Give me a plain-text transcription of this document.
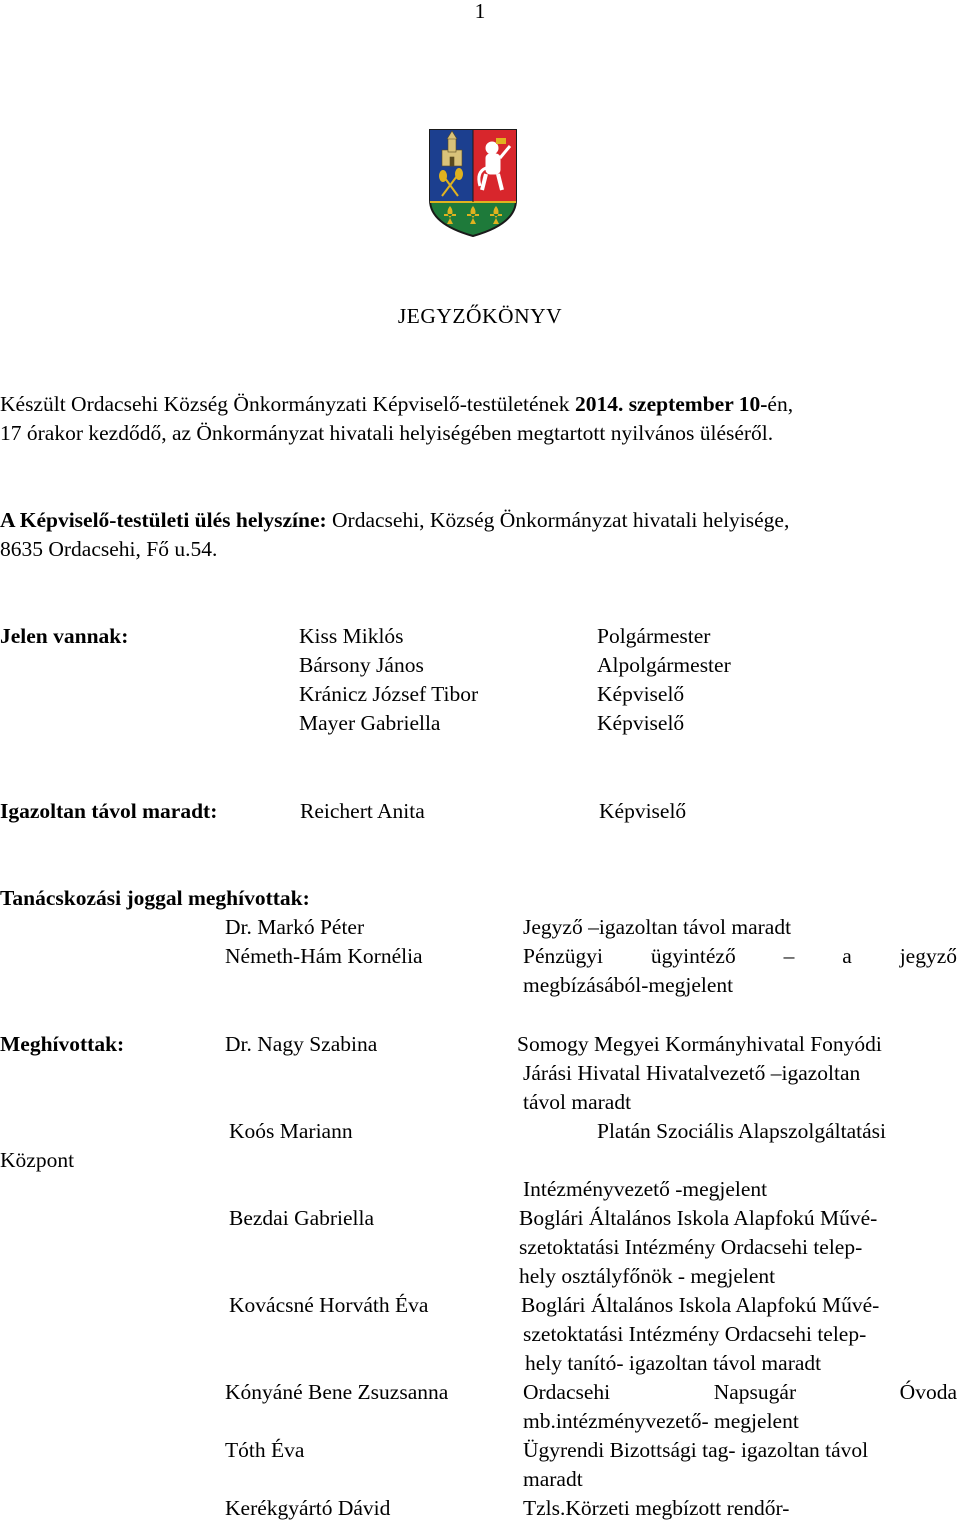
1
JEGYZŐKÖNYV
Készült Ordacsehi Község Önkormányzati Képviselő-testületének 2014. szeptember 10-én,
17 órakor kezdődő, az Önkormányzat hivatali helyiségében megtartott nyilvános üléséről.
A Képviselő-testületi ülés helyszíne: Ordacsehi, Község Önkormányzat hivatali helyisége,
8635 Ordacsehi, Fő u.54.
Jelen vannak:	Kiss Miklós	Polgármester
Bársony János	Alpolgármester
Kránicz József Tibor	Képviselő
Mayer Gabriella	Képviselő
Igazoltan távol maradt:	Reichert Anita	Képviselő
Tanácskozási joggal meghívottak:
Dr. Markó Péter	Jegyző –igazoltan távol maradt
Németh-Hám Kornélia	Pénzügyi ügyintéző – a jegyző
megbízásából-megjelent
Meghívottak:	Dr. Nagy Szabina	Somogy Megyei Kormányhivatal Fonyódi
Járási Hivatal Hivatalvezető –igazoltan
távol maradt
Koós Mariann	Platán Szociális Alapszolgáltatási
Központ
Intézményvezető -megjelent
Bezdai Gabriella	Boglári Általános Iskola Alapfokú Művé-
szetoktatási Intézmény Ordacsehi telep-
hely osztályfőnök - megjelent
Kovácsné Horváth Éva	Boglári Általános Iskola Alapfokú Művé-
szetoktatási Intézmény Ordacsehi telep-
hely tanító- igazoltan távol maradt
Kónyáné Bene Zsuzsanna	Ordacsehi	Napsugár	Óvoda
mb.intézményvezető- megjelent
Tóth Éva	Ügyrendi Bizottsági tag- igazoltan távol
maradt
Kerékgyártó Dávid	Tzls.Körzeti megbízott rendőr-
